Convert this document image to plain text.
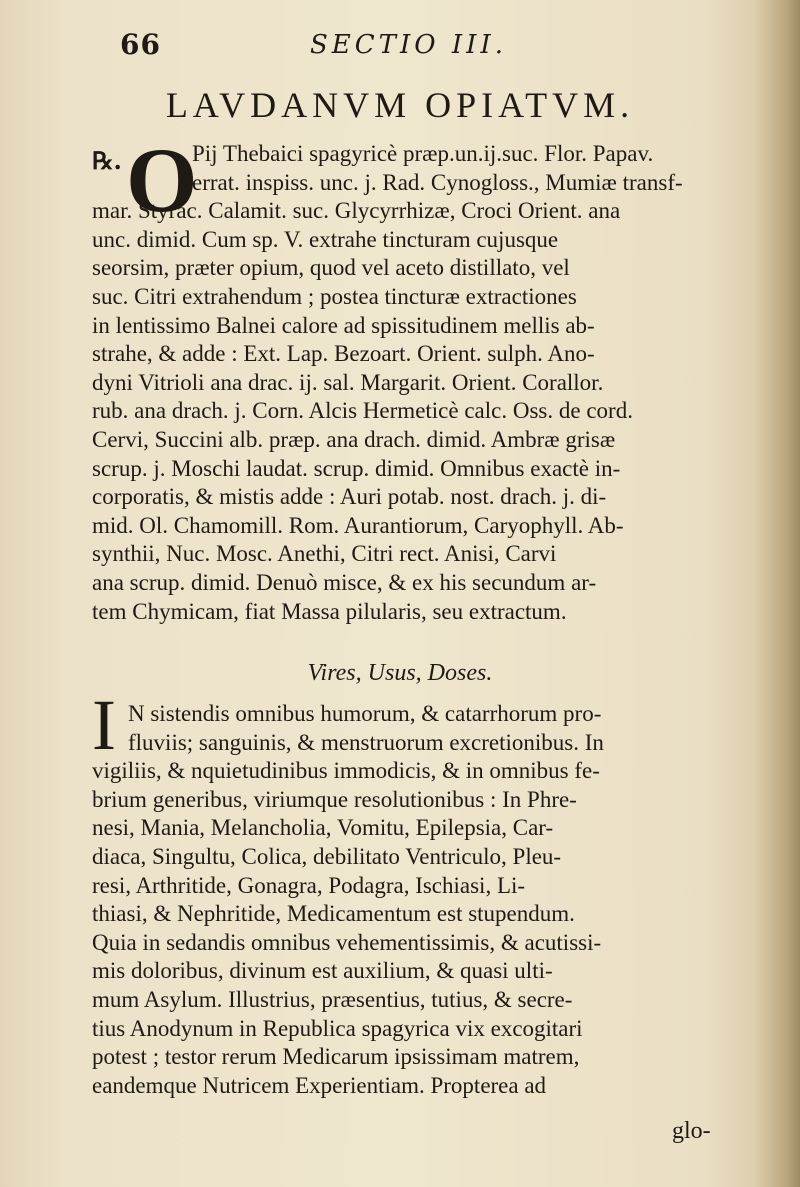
66	SECTIO III.
LAVDANVM OPIATVM.
℞. O
Pij Thebaici spagyricè præp.un.ij.suc. Flor. Papav.
errat. inspiss. unc. j. Rad. Cynogloss., Mumiæ transf-
mar. Styrac. Calamit. suc. Glycyrrhizæ, Croci Orient. ana
unc. dimid. Cum sp. V. extrahe tincturam cujusque
seorsim, præter opium, quod vel aceto distillato, vel
suc. Citri extrahendum ; postea tincturæ extractiones
in lentissimo Balnei calore ad spissitudinem mellis ab-
strahe, & adde : Ext. Lap. Bezoart. Orient. sulph. Ano-
dyni Vitrioli ana drac. ij. sal. Margarit. Orient. Corallor.
rub. ana drach. j. Corn. Alcis Hermeticè calc. Oss. de cord.
Cervi, Succini alb. præp. ana drach. dimid. Ambræ grisæ
scrup. j. Moschi laudat. scrup. dimid. Omnibus exactè in-
corporatis, & mistis adde : Auri potab. nost. drach. j. di-
mid. Ol. Chamomill. Rom. Aurantiorum, Caryophyll. Ab-
synthii, Nuc. Mosc. Anethi, Citri rect. Anisi, Carvi
ana scrup. dimid. Denuò misce, & ex his secundum ar-
tem Chymicam, fiat Massa pilularis, seu extractum.
Vires, Usus, Doses.
I N sistendis omnibus humorum, & catarrhorum pro-
fluviis; sanguinis, & menstruorum excretionibus. In
vigiliis, & nquietudinibus immodicis, & in omnibus fe-
brium generibus, viriumque resolutionibus : In Phre-
nesi, Mania, Melancholia, Vomitu, Epilepsia, Car-
diaca, Singultu, Colica, debilitato Ventriculo, Pleu-
resi, Arthritide, Gonagra, Podagra, Ischiasi, Li-
thiasi, & Nephritide, Medicamentum est stupendum.
Quia in sedandis omnibus vehementissimis, & acutissi-
mis doloribus, divinum est auxilium, & quasi ulti-
mum Asylum. Illustrius, præsentius, tutius, & secre-
tius Anodynum in Republica spagyrica vix excogitari
potest ; testor rerum Medicarum ipsissimam matrem,
eandemque Nutricem Experientiam. Propterea ad
glo-
